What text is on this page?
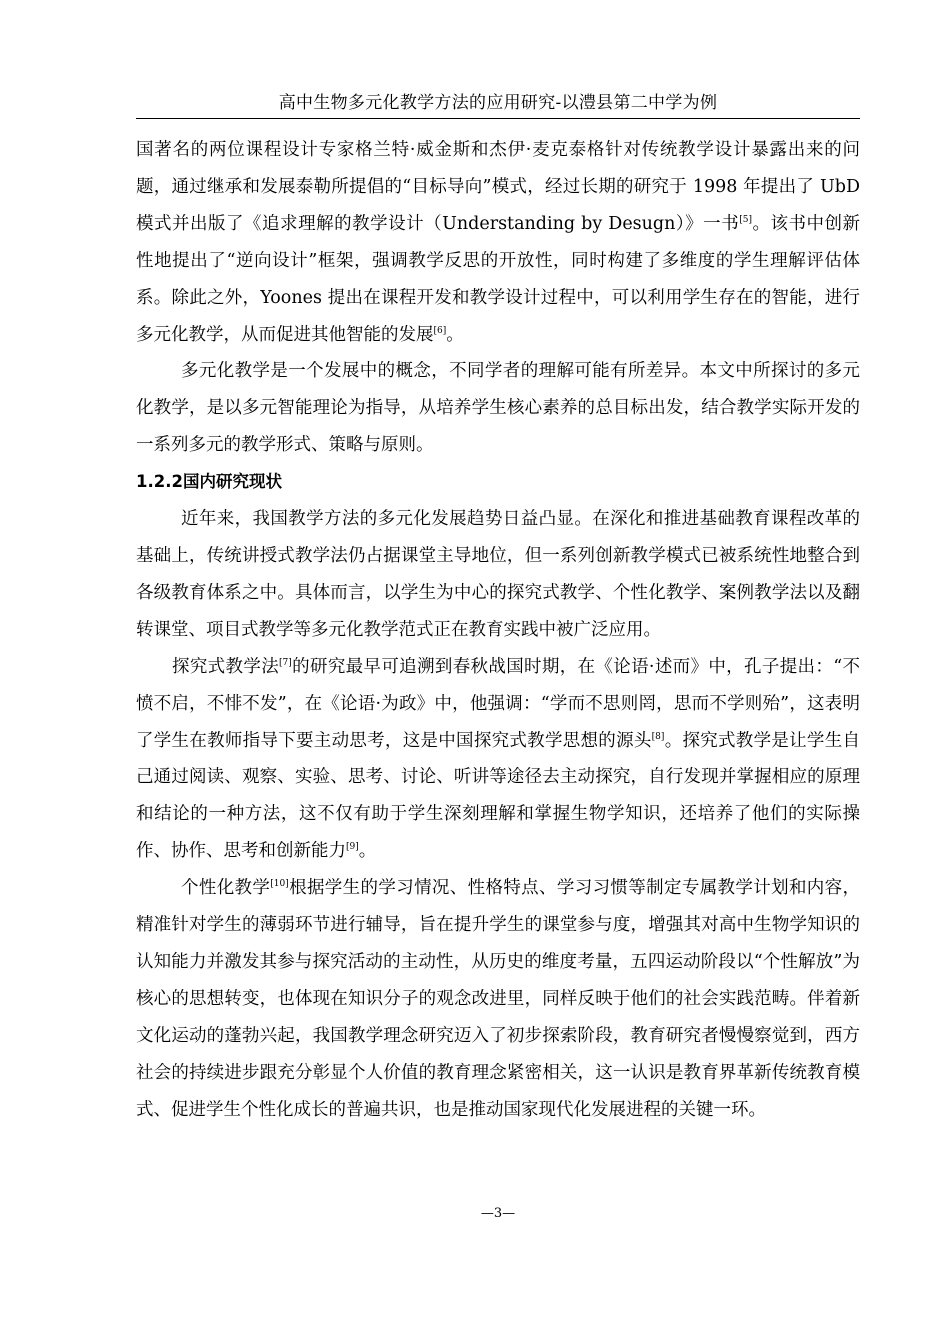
高中生物多元化教学方法的应用研究-以澧县第二中学为例

国著名的两位课程设计专家格兰特·威金斯和杰伊·麦克泰格针对传统教学设计暴露出来的问题，通过继承和发展泰勒所提倡的“目标导向”模式，经过长期的研究于 1998 年提出了 UbD 模式并出版了《追求理解的教学设计（Understanding by Desugn）》一书[5]。该书中创新性地提出了“逆向设计”框架，强调教学反思的开放性，同时构建了多维度的学生理解评估体系。除此之外，Yoones 提出在课程开发和教学设计过程中，可以利用学生存在的智能，进行多元化教学，从而促进其他智能的发展[6]。

多元化教学是一个发展中的概念，不同学者的理解可能有所差异。本文中所探讨的多元化教学，是以多元智能理论为指导，从培养学生核心素养的总目标出发，结合教学实际开发的一系列多元的教学形式、策略与原则。

1.2.2国内研究现状

近年来，我国教学方法的多元化发展趋势日益凸显。在深化和推进基础教育课程改革的基础上，传统讲授式教学法仍占据课堂主导地位，但一系列创新教学模式已被系统性地整合到各级教育体系之中。具体而言，以学生为中心的探究式教学、个性化教学、案例教学法以及翻转课堂、项目式教学等多元化教学范式正在教育实践中被广泛应用。

探究式教学法[7]的研究最早可追溯到春秋战国时期，在《论语·述而》中，孔子提出：“不愤不启，不悱不发”，在《论语·为政》中，他强调：“学而不思则罔，思而不学则殆”，这表明了学生在教师指导下要主动思考，这是中国探究式教学思想的源头[8]。探究式教学是让学生自己通过阅读、观察、实验、思考、讨论、听讲等途径去主动探究，自行发现并掌握相应的原理和结论的一种方法，这不仅有助于学生深刻理解和掌握生物学知识，还培养了他们的实际操作、协作、思考和创新能力[9]。

个性化教学[10]根据学生的学习情况、性格特点、学习习惯等制定专属教学计划和内容，精准针对学生的薄弱环节进行辅导，旨在提升学生的课堂参与度，增强其对高中生物学知识的认知能力并激发其参与探究活动的主动性，从历史的维度考量，五四运动阶段以“个性解放”为核心的思想转变，也体现在知识分子的观念改进里，同样反映于他们的社会实践范畴。伴着新文化运动的蓬勃兴起，我国教学理念研究迈入了初步探索阶段，教育研究者慢慢察觉到，西方社会的持续进步跟充分彰显个人价值的教育理念紧密相关，这一认识是教育界革新传统教育模式、促进学生个性化成长的普遍共识，也是推动国家现代化发展进程的关键一环。

—3—
